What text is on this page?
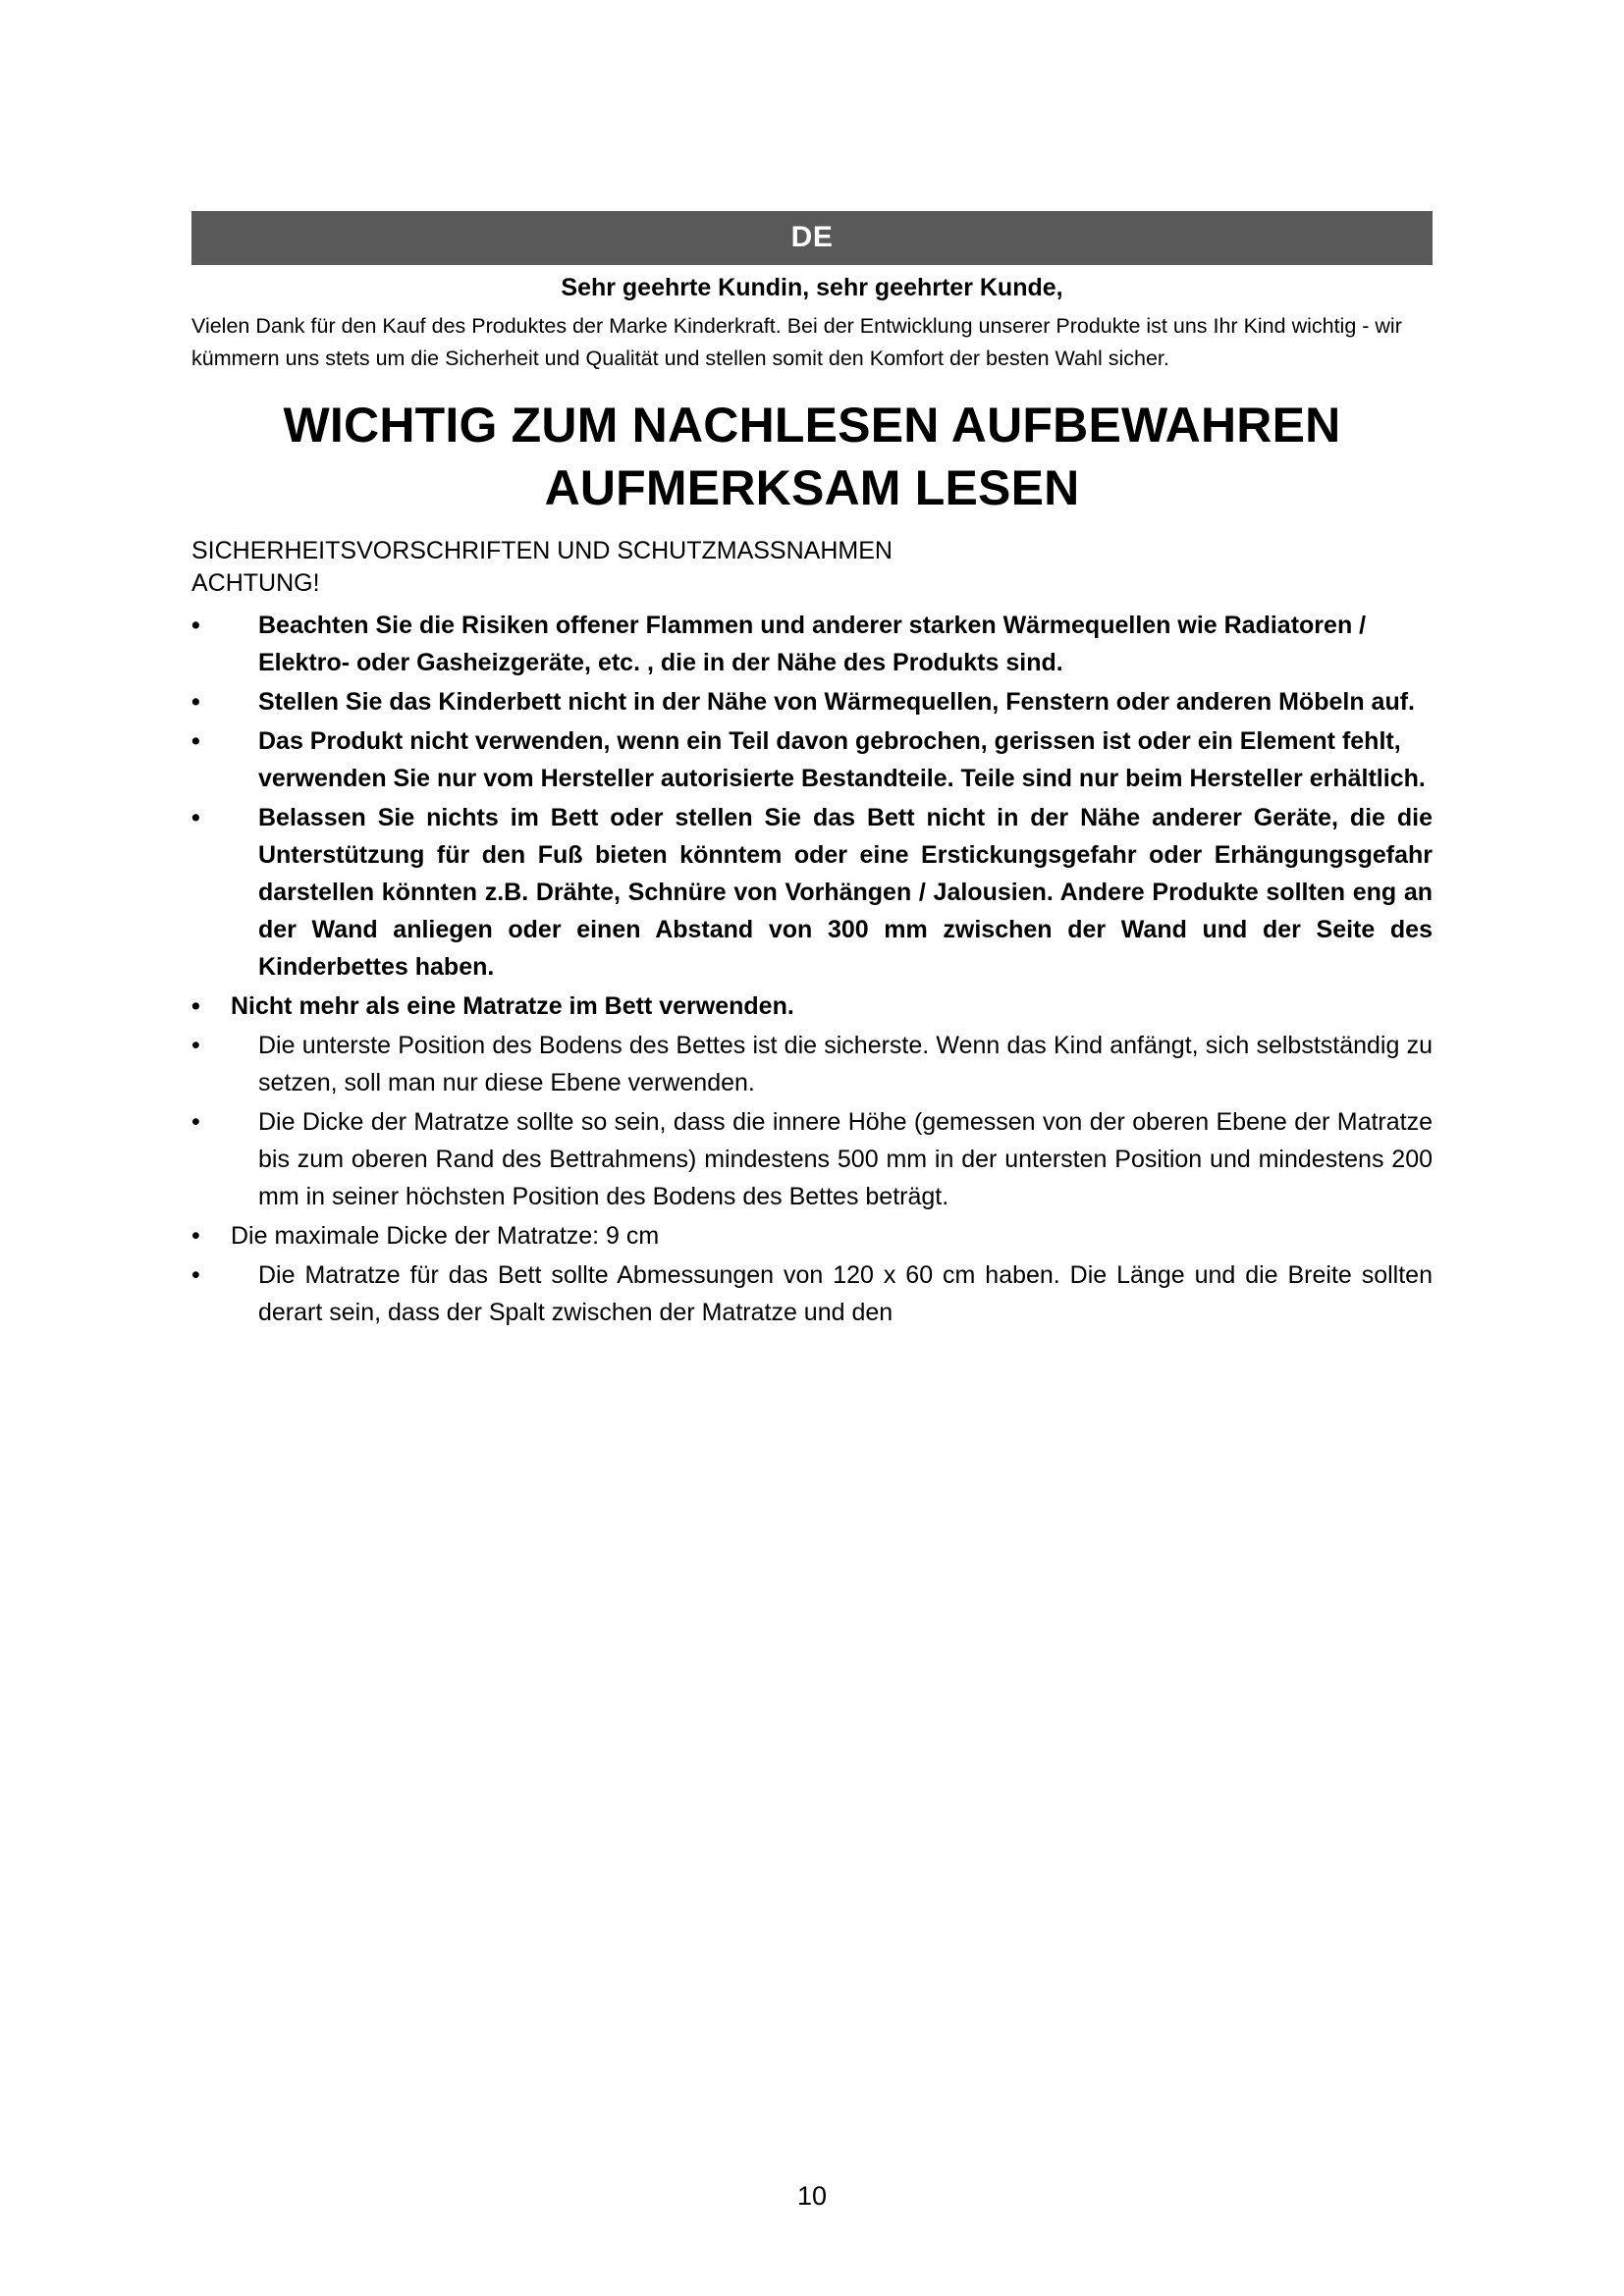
DE
Sehr geehrte Kundin, sehr geehrter Kunde,

Vielen Dank für den Kauf des Produktes der Marke Kinderkraft. Bei der Entwicklung unserer Produkte ist uns Ihr Kind wichtig - wir kümmern uns stets um die Sicherheit und Qualität und stellen somit den Komfort der besten Wahl sicher.

WICHTIG ZUM NACHLESEN AUFBEWAHREN AUFMERKSAM LESEN

SICHERHEITSVORSCHRIFTEN UND SCHUTZMASSNAHMEN

ACHTUNG!

• Beachten Sie die Risiken offener Flammen und anderer starken Wärmequellen wie Radiatoren / Elektro- oder Gasheizgeräte, etc. , die in der Nähe des Produkts sind.
• Stellen Sie das Kinderbett nicht in der Nähe von Wärmequellen, Fenstern oder anderen Möbeln auf.
• Das Produkt nicht verwenden, wenn ein Teil davon gebrochen, gerissen ist oder ein Element fehlt, verwenden Sie nur vom Hersteller autorisierte Bestandteile. Teile sind nur beim Hersteller erhältlich.
• Belassen Sie nichts im Bett oder stellen Sie das Bett nicht in der Nähe anderer Geräte, die die Unterstützung für den Fuß bieten könntem oder eine Erstickungsgefahr oder Erhängungsgefahr darstellen könnten z.B. Drähte, Schnüre von Vorhängen / Jalousien. Andere Produkte sollten eng an der Wand anliegen oder einen Abstand von 300 mm zwischen der Wand und der Seite des Kinderbettes haben.
• Nicht mehr als eine Matratze im Bett verwenden.
• Die unterste Position des Bodens des Bettes ist die sicherste. Wenn das Kind anfängt, sich selbstständig zu setzen, soll man nur diese Ebene verwenden.
• Die Dicke der Matratze sollte so sein, dass die innere Höhe (gemessen von der oberen Ebene der Matratze bis zum oberen Rand des Bettrahmens) mindestens 500 mm in der untersten Position und mindestens 200 mm in seiner höchsten Position des Bodens des Bettes beträgt.
• Die maximale Dicke der Matratze: 9 cm
• Die Matratze für das Bett sollte Abmessungen von 120 x 60 cm haben. Die Länge und die Breite sollten derart sein, dass der Spalt zwischen der Matratze und den
10
